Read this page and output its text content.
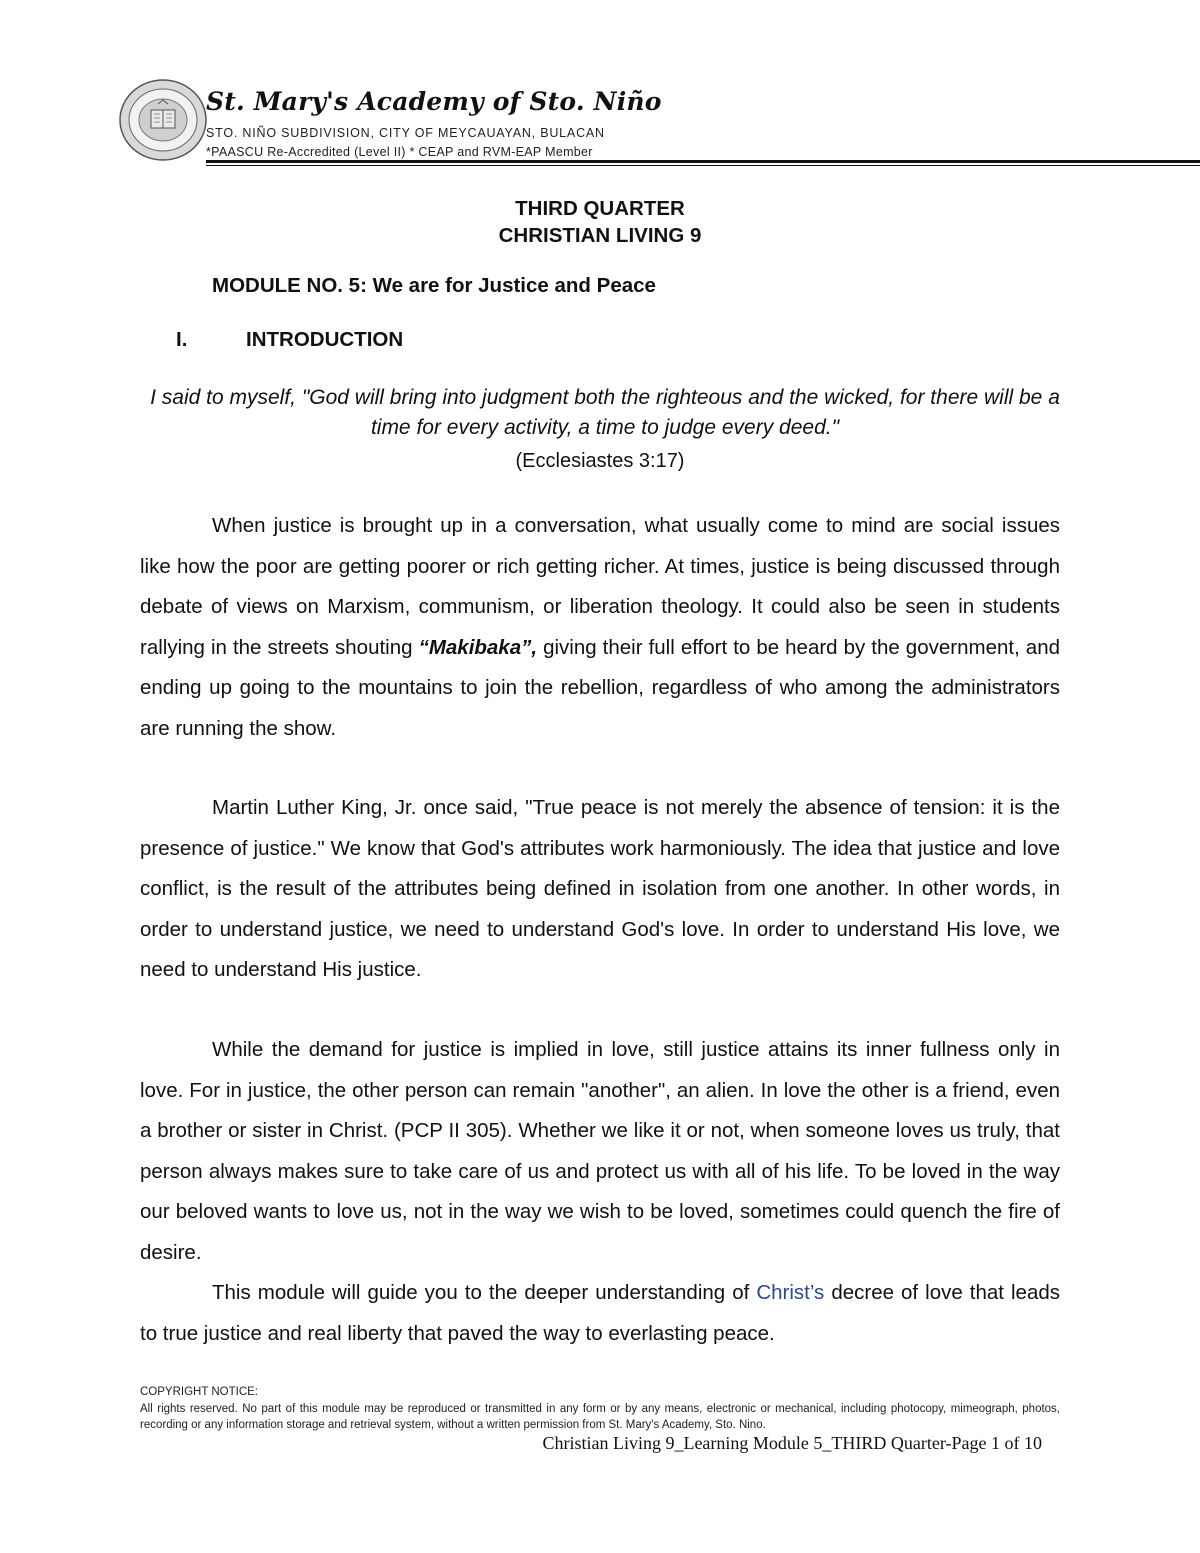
St. Mary's Academy of Sto. Niño
STO. NIÑO SUBDIVISION, CITY OF MEYCAUAYAN, BULACAN
*PAASCU Re-Accredited (Level II) * CEAP and RVM-EAP Member
THIRD QUARTER
CHRISTIAN LIVING 9
MODULE NO. 5: We are for Justice and Peace
I.	INTRODUCTION
I said to myself, "God will bring into judgment both the righteous and the wicked, for there will be a time for every activity, a time to judge every deed."
(Ecclesiastes 3:17)

When justice is brought up in a conversation, what usually come to mind are social issues like how the poor are getting poorer or rich getting richer. At times, justice is being discussed through debate of views on Marxism, communism, or liberation theology. It could also be seen in students rallying in the streets shouting “Makibaka”, giving their full effort to be heard by the government, and ending up going to the mountains to join the rebellion, regardless of who among the administrators are running the show.

Martin Luther King, Jr. once said, "True peace is not merely the absence of tension: it is the presence of justice." We know that God's attributes work harmoniously. The idea that justice and love conflict, is the result of the attributes being defined in isolation from one another. In other words, in order to understand justice, we need to understand God's love. In order to understand His love, we need to understand His justice.

While the demand for justice is implied in love, still justice attains its inner fullness only in love. For in justice, the other person can remain "another", an alien. In love the other is a friend, even a brother or sister in Christ. (PCP II 305). Whether we like it or not, when someone loves us truly, that person always makes sure to take care of us and protect us with all of his life. To be loved in the way our beloved wants to love us, not in the way we wish to be loved, sometimes could quench the fire of desire.

This module will guide you to the deeper understanding of Christ’s decree of love that leads to true justice and real liberty that paved the way to everlasting peace.

COPYRIGHT NOTICE:
All rights reserved. No part of this module may be reproduced or transmitted in any form or by any means, electronic or mechanical, including photocopy, mimeograph, photos, recording or any information storage and retrieval system, without a written permission from St. Mary's Academy, Sto. Nino.
Christian Living 9_Learning Module 5_THIRD Quarter-Page 1 of 10
